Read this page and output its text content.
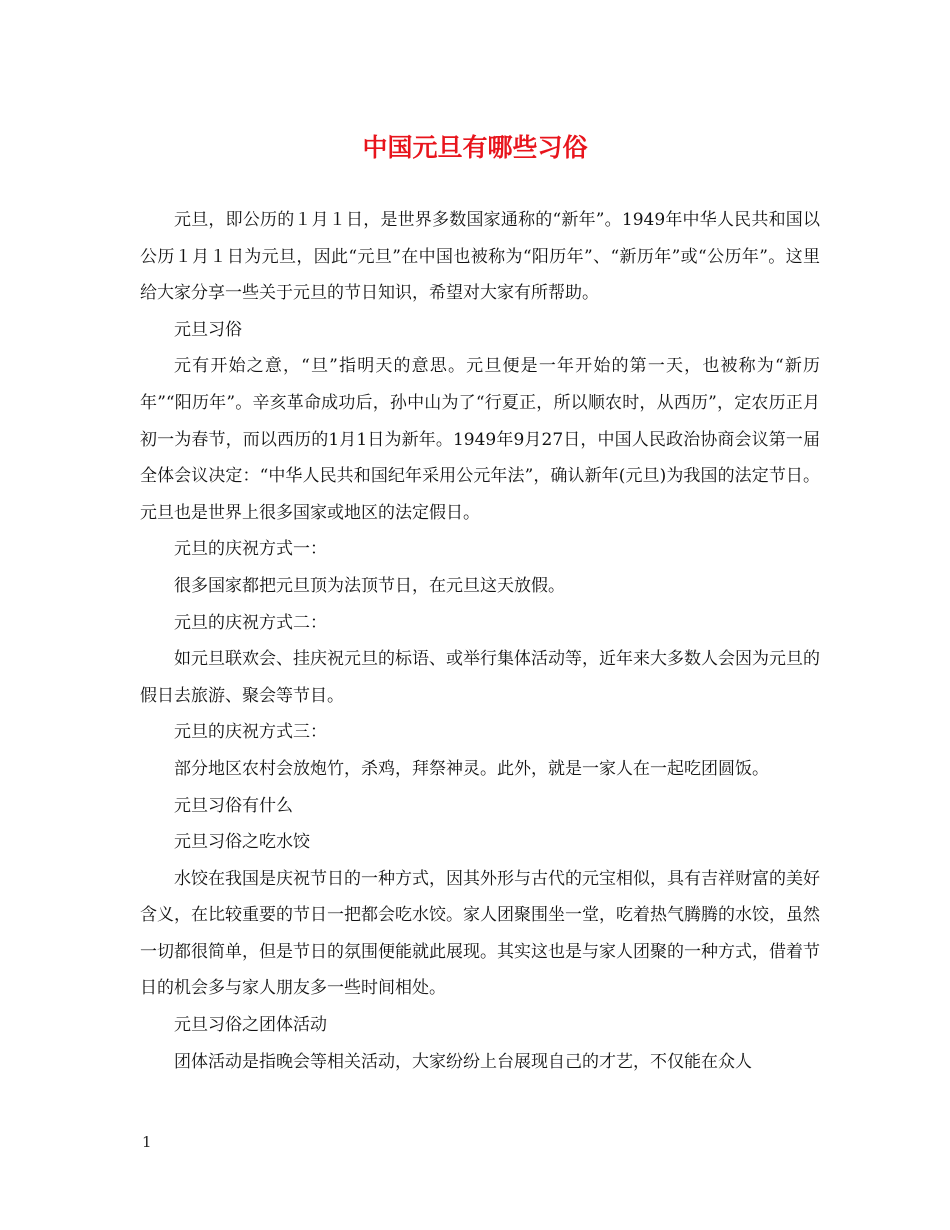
中国元旦有哪些习俗

元旦，即公历的１月１日，是世界多数国家通称的“新年”。1949年中华人民共和国以公历１月１日为元旦，因此“元旦”在中国也被称为“阳历年”、“新历年”或“公历年”。这里给大家分享一些关于元旦的节日知识，希望对大家有所帮助。

元旦习俗

元有开始之意，“旦”指明天的意思。元旦便是一年开始的第一天，也被称为“新历年”“阳历年”。辛亥革命成功后，孙中山为了“行夏正，所以顺农时，从西历”，定农历正月初一为春节，而以西历的1月1日为新年。1949年9月27日，中国人民政治协商会议第一届全体会议决定：“中华人民共和国纪年采用公元年法”，确认新年(元旦)为我国的法定节日。元旦也是世界上很多国家或地区的法定假日。

元旦的庆祝方式一：

很多国家都把元旦顶为法顶节日，在元旦这天放假。

元旦的庆祝方式二：

如元旦联欢会、挂庆祝元旦的标语、或举行集体活动等，近年来大多数人会因为元旦的假日去旅游、聚会等节目。

元旦的庆祝方式三：

部分地区农村会放炮竹，杀鸡，拜祭神灵。此外，就是一家人在一起吃团圆饭。

元旦习俗有什么

元旦习俗之吃水饺

水饺在我国是庆祝节日的一种方式，因其外形与古代的元宝相似，具有吉祥财富的美好含义，在比较重要的节日一把都会吃水饺。家人团聚围坐一堂，吃着热气腾腾的水饺，虽然一切都很简单，但是节日的氛围便能就此展现。其实这也是与家人团聚的一种方式，借着节日的机会多与家人朋友多一些时间相处。

元旦习俗之团体活动

团体活动是指晚会等相关活动，大家纷纷上台展现自己的才艺，不仅能在众人

1
